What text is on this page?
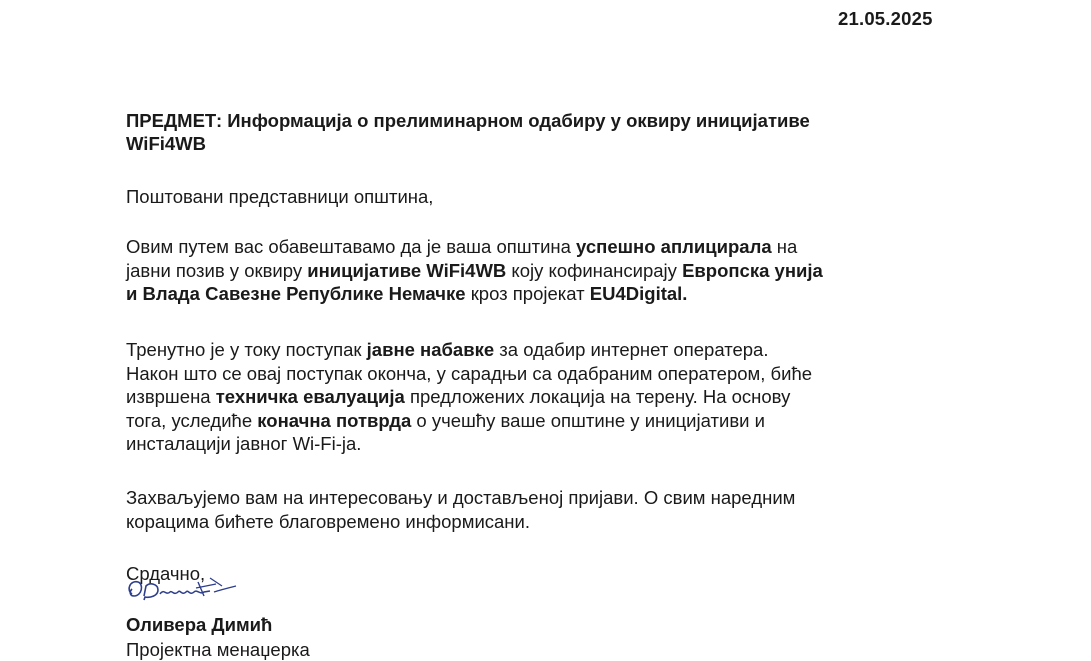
21.05.2025
ПРЕДМЕТ: Информација о прелиминарном одабиру у оквиру иницијативе
WiFi4WB

Поштовани представници општина,

Овим путем вас обавештавамо да је ваша општина успешно аплицирала на
јавни позив у оквиру иницијативе WiFi4WB коју кофинансирају Европска унија
и Влада Савезне Републике Немачке кроз пројекат EU4Digital.

Тренутно је у току поступак јавне набавке за одабир интернет оператера.
Након што се овај поступак оконча, у сарадњи са одабраним оператером, биће
извршена техничка евалуација предложених локација на терену. На основу
тога, уследиће коначна потврда о учешћу ваше општине у иницијативи и
инсталацији јавног Wi-Fi-ja.

Захваљујемо вам на интересовању и достављеној пријави. О свим наредним
корацима бићете благовремено информисани.

Срдачно,
Оливера Димић
Пројектна менаџерка
